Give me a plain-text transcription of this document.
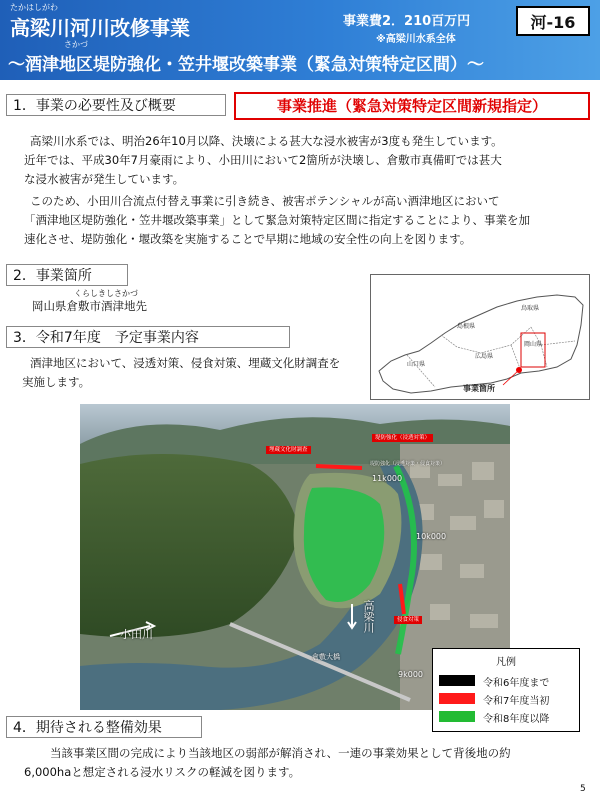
たかはしがわ
高梁川河川改修事業
さかづ
〜酒津地区堤防強化・笠井堰改築事業（緊急対策特定区間）〜
事業費2．210百万円
※高梁川水系全体
河-16
1．事業の必要性及び概要	事業推進（緊急対策特定区間新規指定）
高梁川水系では、明治26年10月以降、決壊による甚大な浸水被害が3度も発生しています。
近年では、平成30年7月豪雨により、小田川において2箇所が決壊し、倉敷市真備町では甚大
な浸水被害が発生しています。
このため、小田川合流点付替え事業に引き続き、被害ポテンシャルが高い酒津地区において
「酒津地区堤防強化・笠井堰改築事業」として緊急対策特定区間に指定することにより、事業を加
速化させ、堤防強化・堰改築を実施することで早期に地域の安全性の向上を図ります。
2．事業箇所
くらしきしさかづ
岡山県倉敷市酒津地先
3．令和7年度　予定事業内容
酒津地区において、浸透対策、侵食対策、埋蔵文化財調査を
実施します。
鳥取県
島根県
岡山県
広島県
山口県
事業箇所
埋蔵文化財調査
堤防強化（浸透対策）
侵食対策
堤防強化（浸透対策・侵食対策）
11k000
10k000
9k000
小田川
高梁川
倉敷大橋	凡例
令和6年度まで
令和7年度当初
令和8年度以降
4．期待される整備効果
当該事業区間の完成により当該地区の弱部が解消され、一連の事業効果として背後地の約
6,000haと想定される浸水リスクの軽減を図ります。
5
